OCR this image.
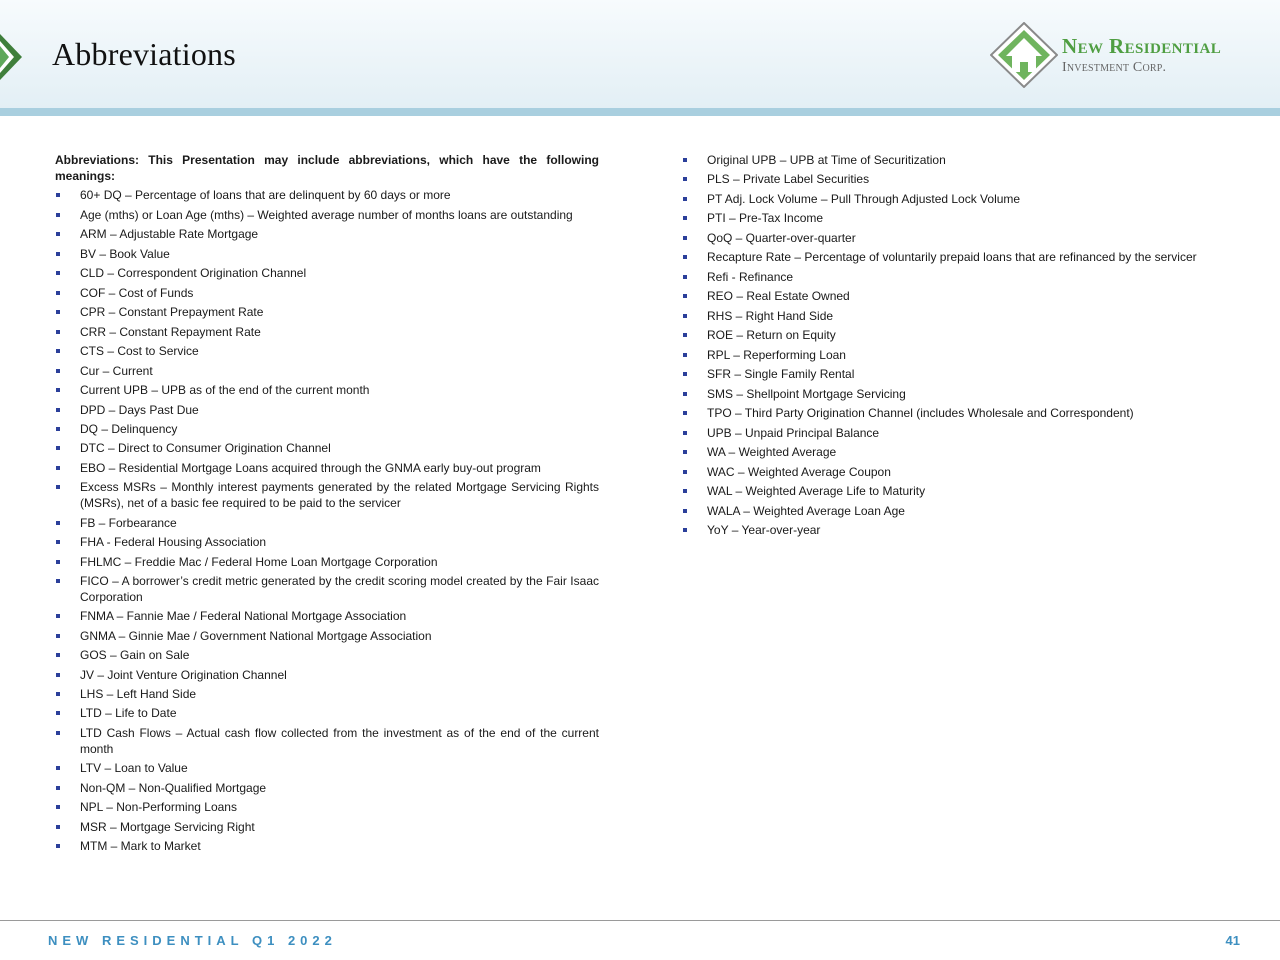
Abbreviations	New Residential
Investment Corp.

Abbreviations: This Presentation may include abbreviations, which have the following meanings:

60+ DQ – Percentage of loans that are delinquent by 60 days or more
Age (mths) or Loan Age (mths) – Weighted average number of months loans are outstanding
ARM – Adjustable Rate Mortgage
BV – Book Value
CLD – Correspondent Origination Channel
COF – Cost of Funds
CPR – Constant Prepayment Rate
CRR – Constant Repayment Rate
CTS – Cost to Service
Cur – Current
Current UPB – UPB as of the end of the current month
DPD – Days Past Due
DQ – Delinquency
DTC – Direct to Consumer Origination Channel
EBO – Residential Mortgage Loans acquired through the GNMA early buy-out program
Excess MSRs – Monthly interest payments generated by the related Mortgage Servicing Rights (MSRs), net of a basic fee required to be paid to the servicer
FB – Forbearance
FHA - Federal Housing Association
FHLMC – Freddie Mac / Federal Home Loan Mortgage Corporation
FICO – A borrower’s credit metric generated by the credit scoring model created by the Fair Isaac Corporation
FNMA – Fannie Mae / Federal National Mortgage Association
GNMA – Ginnie Mae / Government National Mortgage Association
GOS – Gain on Sale
JV – Joint Venture Origination Channel
LHS – Left Hand Side
LTD – Life to Date
LTD Cash Flows – Actual cash flow collected from the investment as of the end of the current month
LTV – Loan to Value
Non-QM – Non-Qualified Mortgage
NPL – Non-Performing Loans
MSR – Mortgage Servicing Right
MTM – Mark to Market
Original UPB – UPB at Time of Securitization
PLS – Private Label Securities
PT Adj. Lock Volume – Pull Through Adjusted Lock Volume
PTI – Pre-Tax Income
QoQ – Quarter-over-quarter
Recapture Rate – Percentage of voluntarily prepaid loans that are refinanced by the servicer
Refi - Refinance
REO – Real Estate Owned
RHS – Right Hand Side
ROE – Return on Equity
RPL – Reperforming Loan
SFR – Single Family Rental
SMS – Shellpoint Mortgage Servicing
TPO – Third Party Origination Channel (includes Wholesale and Correspondent)
UPB – Unpaid Principal Balance
WA – Weighted Average
WAC – Weighted Average Coupon
WAL – Weighted Average Life to Maturity
WALA – Weighted Average Loan Age
YoY – Year-over-year
NEW RESIDENTIAL Q1 2022	41
